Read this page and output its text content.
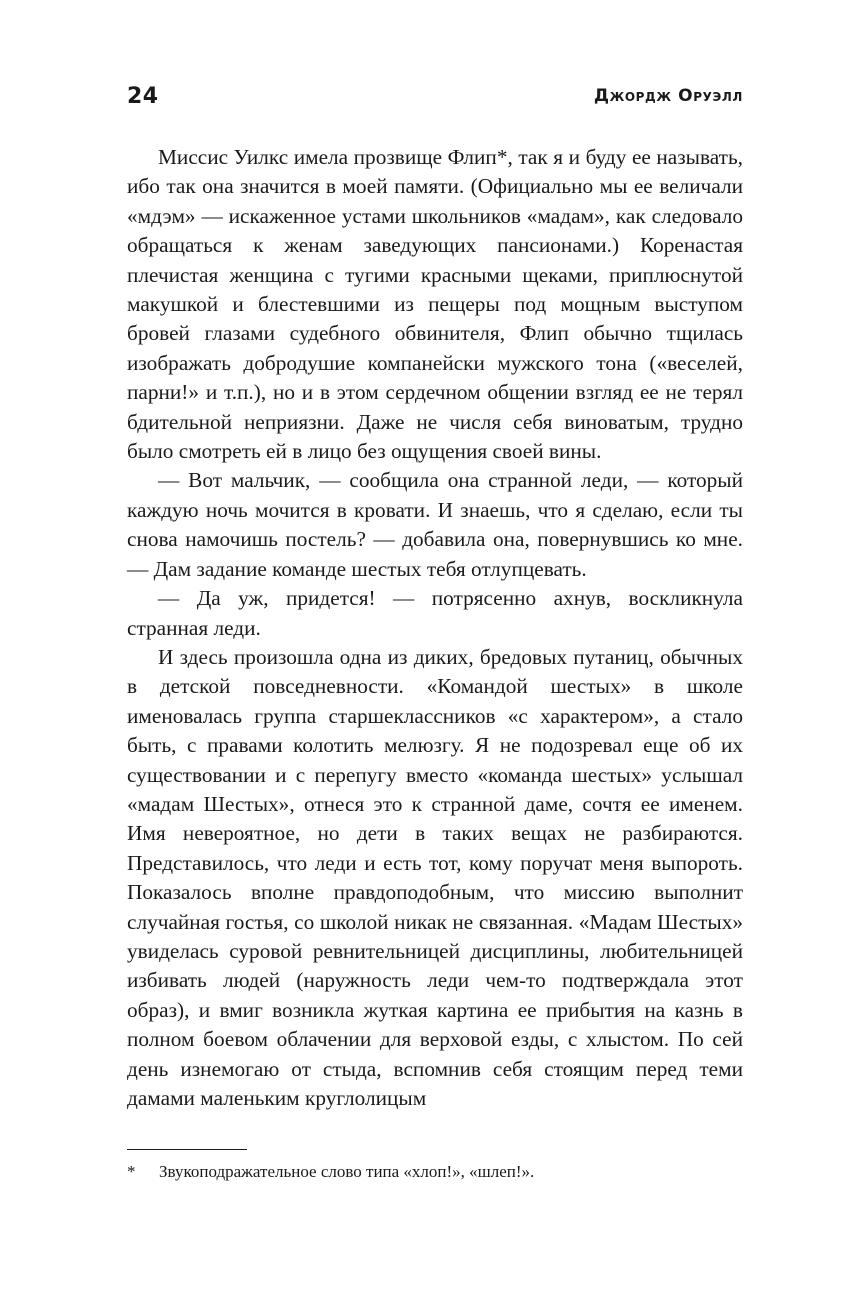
24	Джордж Оруэлл

Миссис Уилкс имела прозвище Флип*, так я и буду ее называть, ибо так она значится в моей памяти. (Официально мы ее величали «мдэм» — искаженное устами школьников «мадам», как следовало обращаться к женам заведующих пансионами.) Коренастая плечистая женщина с тугими красными щеками, приплюснутой макушкой и блестевшими из пещеры под мощным выступом бровей глазами судебного обвинителя, Флип обычно тщилась изображать добродушие компанейски мужского тона («веселей, парни!» и т.п.), но и в этом сердечном общении взгляд ее не терял бдительной неприязни. Даже не числя себя виноватым, трудно было смотреть ей в лицо без ощущения своей вины.

— Вот мальчик, — сообщила она странной леди, — который каждую ночь мочится в кровати. И знаешь, что я сделаю, если ты снова намочишь постель? — добавила она, повернувшись ко мне. — Дам задание команде шестых тебя отлупцевать.

— Да уж, придется! — потрясенно ахнув, воскликнула странная леди.

И здесь произошла одна из диких, бредовых путаниц, обычных в детской повседневности. «Командой шестых» в школе именовалась группа старшеклассников «с характером», а стало быть, с правами колотить мелюзгу. Я не подозревал еще об их существовании и с перепугу вместо «команда шестых» услышал «мадам Шестых», отнеся это к странной даме, сочтя ее именем. Имя невероятное, но дети в таких вещах не разбираются. Представилось, что леди и есть тот, кому поручат меня выпороть. Показалось вполне правдоподобным, что миссию выполнит случайная гостья, со школой никак не связанная. «Мадам Шестых» увиделась суровой ревнительницей дисциплины, любительницей избивать людей (наружность леди чем-то подтверждала этот образ), и вмиг возникла жуткая картина ее прибытия на казнь в полном боевом облачении для верховой езды, с хлыстом. По сей день изнемогаю от стыда, вспомнив себя стоящим перед теми дамами маленьким круглолицым

* Звукоподражательное слово типа «хлоп!», «шлеп!».
